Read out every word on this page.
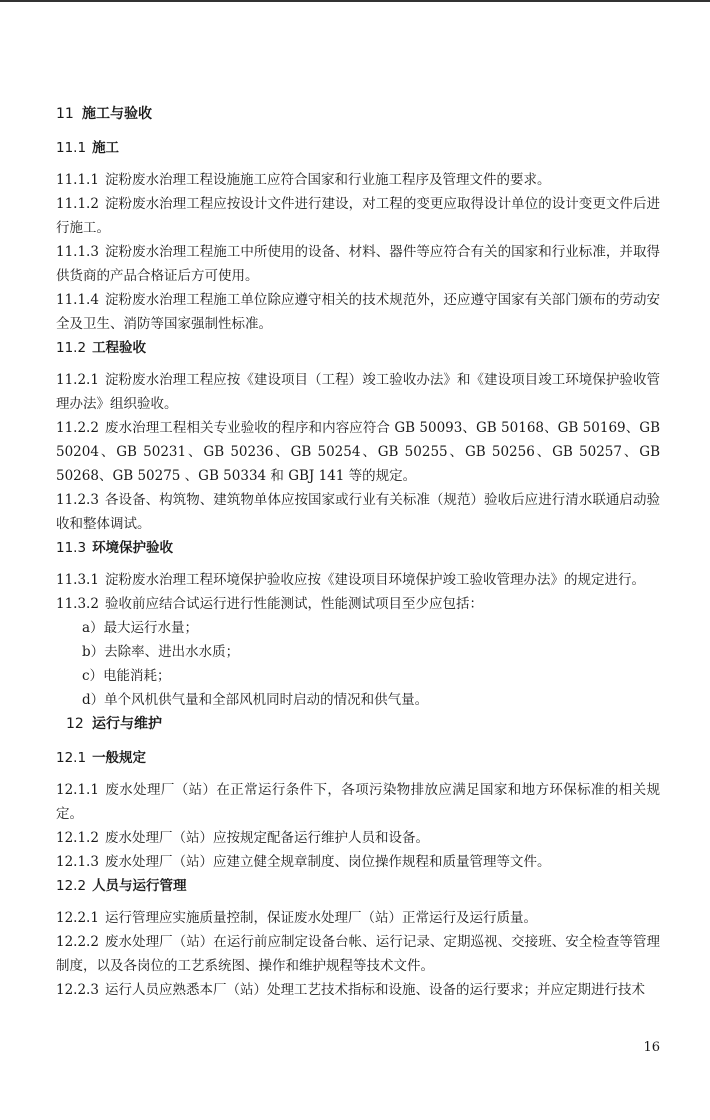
11 施工与验收
11.1 施工
11.1.1 淀粉废水治理工程设施施工应符合国家和行业施工程序及管理文件的要求。
11.1.2 淀粉废水治理工程应按设计文件进行建设，对工程的变更应取得设计单位的设计变更文件后进行施工。
11.1.3 淀粉废水治理工程施工中所使用的设备、材料、器件等应符合有关的国家和行业标准，并取得供货商的产品合格证后方可使用。
11.1.4 淀粉废水治理工程施工单位除应遵守相关的技术规范外，还应遵守国家有关部门颁布的劳动安全及卫生、消防等国家强制性标准。
11.2 工程验收
11.2.1 淀粉废水治理工程应按《建设项目（工程）竣工验收办法》和《建设项目竣工环境保护验收管理办法》组织验收。
11.2.2 废水治理工程相关专业验收的程序和内容应符合 GB 50093、GB 50168、GB 50169、GB 50204、GB 50231、GB 50236、GB 50254、GB 50255、GB 50256、GB 50257、GB 50268、GB 50275 、GB 50334 和 GBJ 141 等的规定。
11.2.3 各设备、构筑物、建筑物单体应按国家或行业有关标准（规范）验收后应进行清水联通启动验收和整体调试。
11.3 环境保护验收
11.3.1 淀粉废水治理工程环境保护验收应按《建设项目环境保护竣工验收管理办法》的规定进行。
11.3.2 验收前应结合试运行进行性能测试，性能测试项目至少应包括：
a）最大运行水量；
b）去除率、进出水水质；
c）电能消耗；
d）单个风机供气量和全部风机同时启动的情况和供气量。
12 运行与维护
12.1 一般规定
12.1.1 废水处理厂（站）在正常运行条件下，各项污染物排放应满足国家和地方环保标准的相关规定。
12.1.2 废水处理厂（站）应按规定配备运行维护人员和设备。
12.1.3 废水处理厂（站）应建立健全规章制度、岗位操作规程和质量管理等文件。
12.2 人员与运行管理
12.2.1 运行管理应实施质量控制，保证废水处理厂（站）正常运行及运行质量。
12.2.2 废水处理厂（站）在运行前应制定设备台帐、运行记录、定期巡视、交接班、安全检查等管理制度，以及各岗位的工艺系统图、操作和维护规程等技术文件。
12.2.3 运行人员应熟悉本厂（站）处理工艺技术指标和设施、设备的运行要求；并应定期进行技术
16
